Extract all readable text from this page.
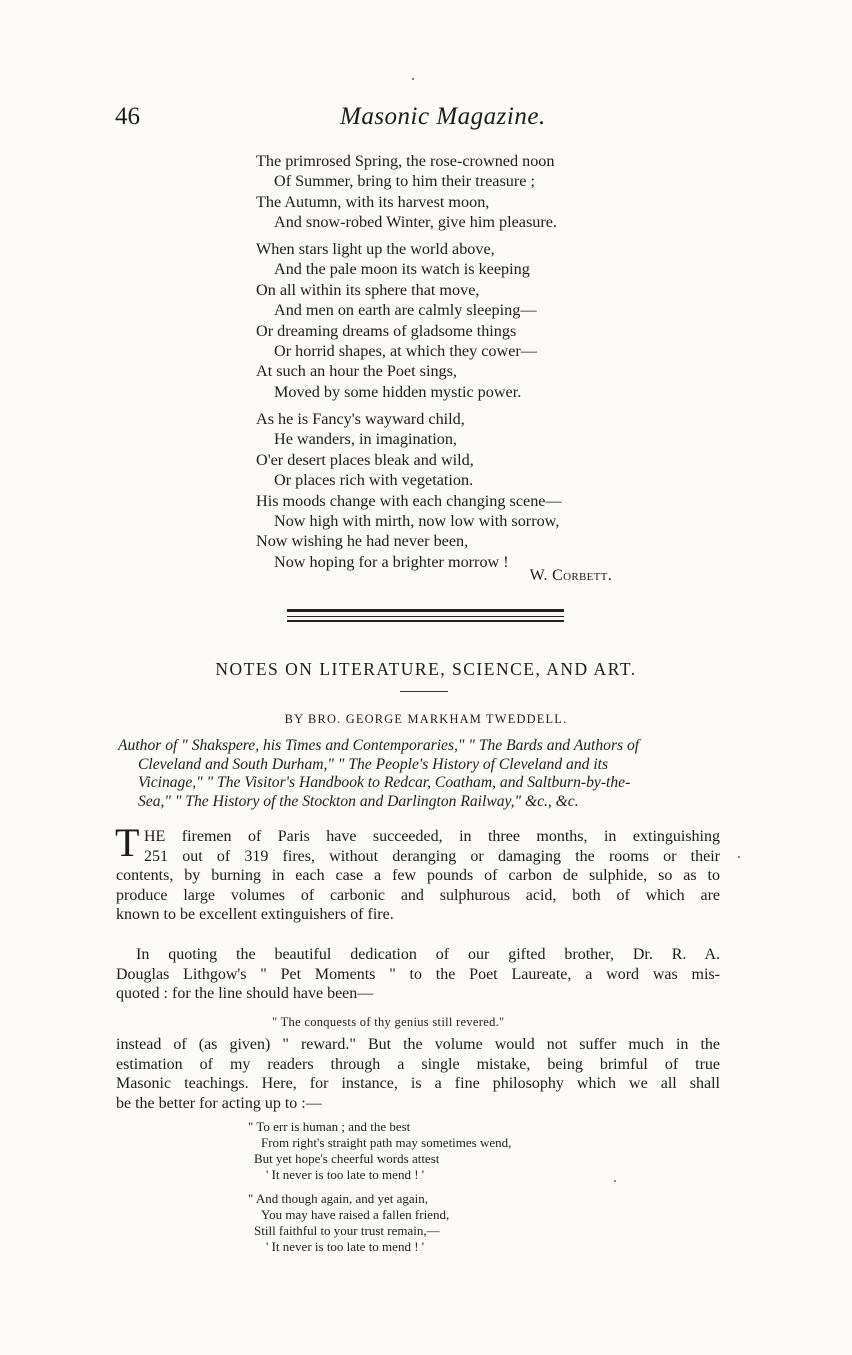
46	Masonic Magazine.
The primrosed Spring, the rose-crowned noon
Of Summer, bring to him their treasure ;
The Autumn, with its harvest moon,
And snow-robed Winter, give him pleasure.
When stars light up the world above,
And the pale moon its watch is keeping
On all within its sphere that move,
And men on earth are calmly sleeping—
Or dreaming dreams of gladsome things
Or horrid shapes, at which they cower—
At such an hour the Poet sings,
Moved by some hidden mystic power.
As he is Fancy's wayward child,
He wanders, in imagination,
O'er desert places bleak and wild,
Or places rich with vegetation.
His moods change with each changing scene—
Now high with mirth, now low with sorrow,
Now wishing he had never been,
Now hoping for a brighter morrow !
W. Corbett.
NOTES ON LITERATURE, SCIENCE, AND ART.
BY BRO. GEORGE MARKHAM TWEDDELL.
Author of " Shakspere, his Times and Contemporaries," " The Bards and Authors of
Cleveland and South Durham," " The People's History of Cleveland and its
Vicinage," " The Visitor's Handbook to Redcar, Coatham, and Saltburn-by-the-
Sea," " The History of the Stockton and Darlington Railway," &c., &c.
T HE firemen of Paris have succeeded, in three months, in extinguishing
251 out of 319 fires, without deranging or damaging the rooms or their
contents, by burning in each case a few pounds of carbon de sulphide, so as to
produce large volumes of carbonic and sulphurous acid, both of which are
known to be excellent extinguishers of fire.
In quoting the beautiful dedication of our gifted brother, Dr. R. A.
Douglas Lithgow's " Pet Moments " to the Poet Laureate, a word was mis-
quoted : for the line should have been—
" The conquests of thy genius still revered."
instead of (as given) " reward." But the volume would not suffer much in the
estimation of my readers through a single mistake, being brimful of true
Masonic teachings. Here, for instance, is a fine philosophy which we all shall
be the better for acting up to :—
" To err is human ; and the best
From right's straight path may sometimes wend,
But yet hope's cheerful words attest
' It never is too late to mend ! '
" And though again, and yet again,
You may have raised a fallen friend,
Still faithful to your trust remain,—
' It never is too late to mend ! '
